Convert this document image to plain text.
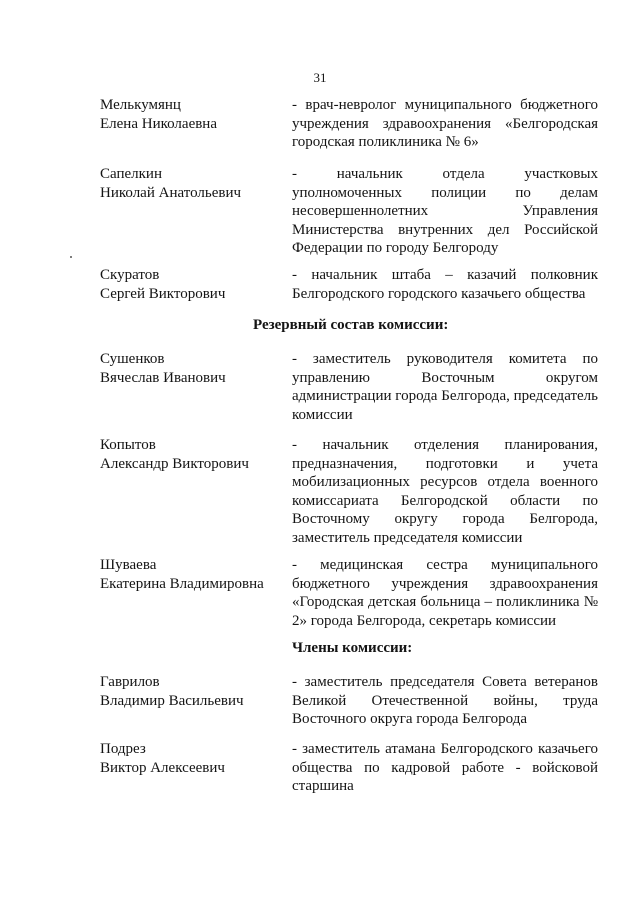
31
Мелькумянц
Елена Николаевна
- врач-невролог муниципального бюджетного учреждения здравоохранения «Белгородская городская поликлиника № 6»
Сапелкин
Николай Анатольевич
- начальник отдела участковых уполномоченных полиции по делам несовершеннолетних Управления Министерства внутренних дел Российской Федерации по городу Белгороду
Скуратов
Сергей Викторович
- начальник штаба – казачий полковник Белгородского городского казачьего общества
Резервный состав комиссии:
Сушенков
Вячеслав Иванович
- заместитель руководителя комитета по управлению Восточным округом администрации города Белгорода, председатель комиссии
Копытов
Александр Викторович
- начальник отделения планирования, предназначения, подготовки и учета мобилизационных ресурсов отдела военного комиссариата Белгородской области по Восточному округу города Белгорода, заместитель председателя комиссии
Шуваева
Екатерина Владимировна
- медицинская сестра муниципального бюджетного учреждения здравоохранения «Городская детская больница – поликлиника № 2» города Белгорода, секретарь комиссии
Члены комиссии:
Гаврилов
Владимир Васильевич
- заместитель председателя Совета ветеранов Великой Отечественной войны, труда Восточного округа города Белгорода
Подрез
Виктор Алексеевич
- заместитель атамана Белгородского казачьего общества по кадровой работе - войсковой старшина
